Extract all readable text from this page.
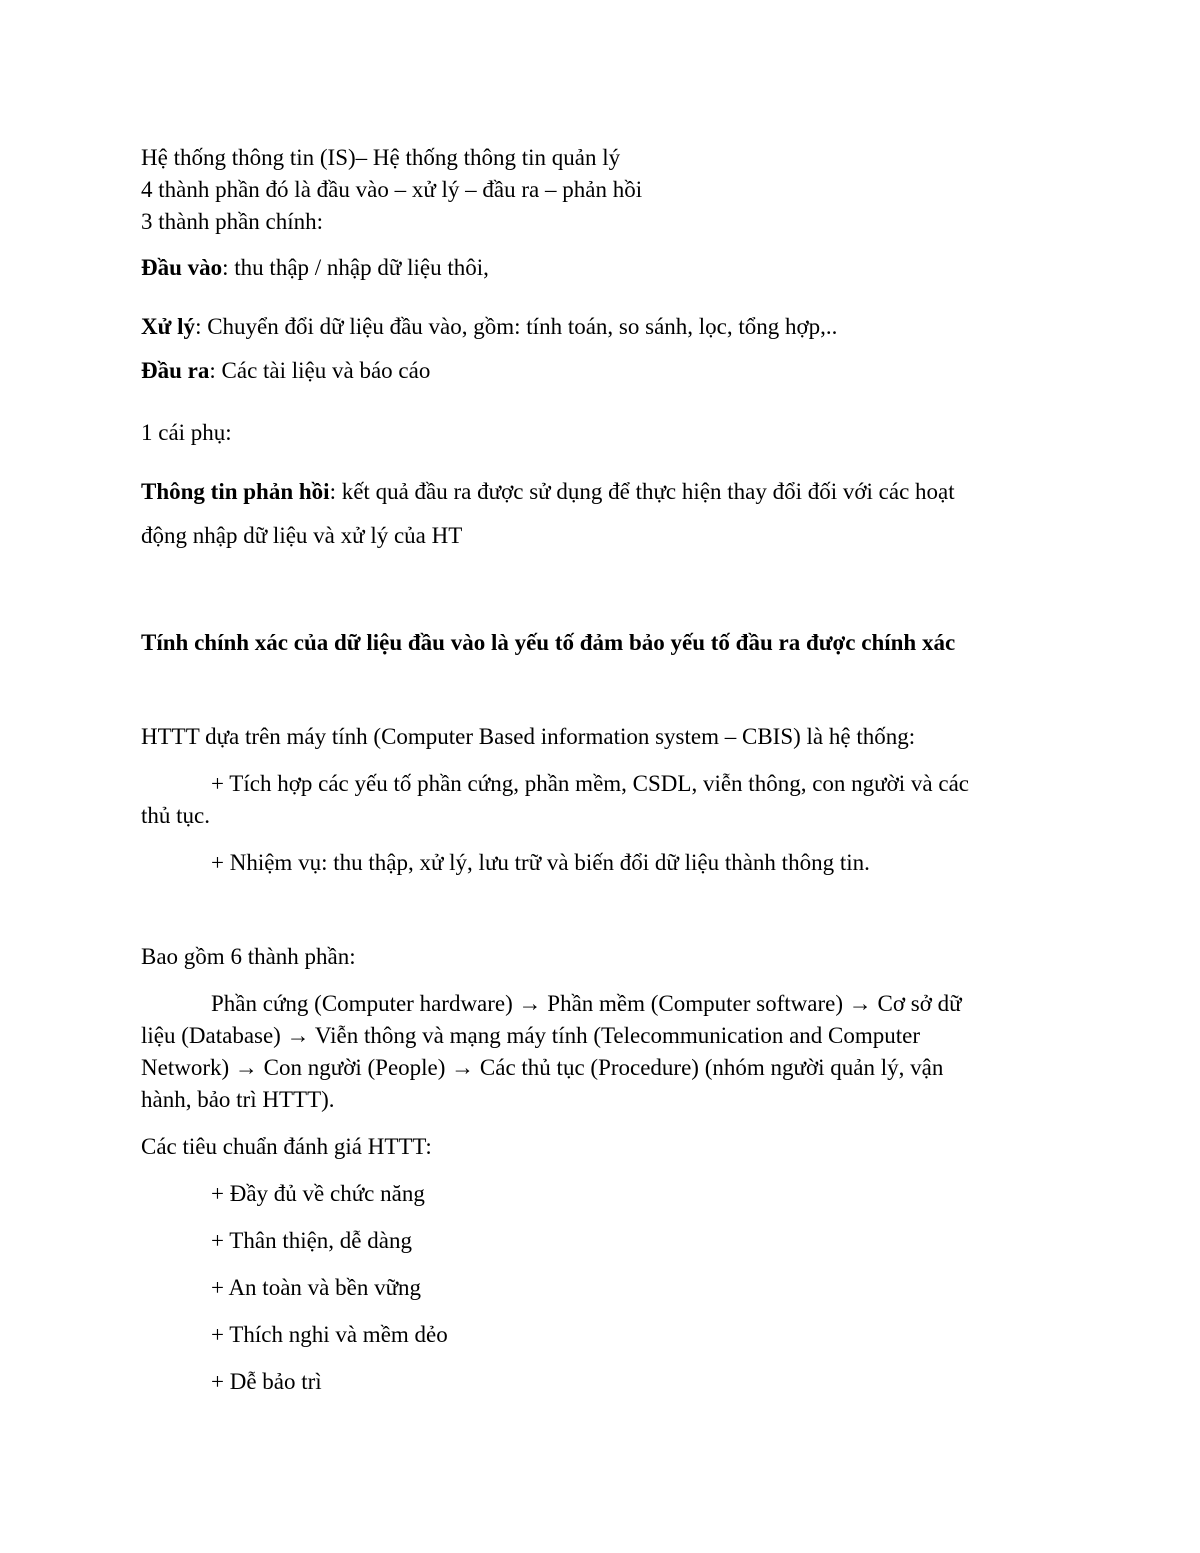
Hệ thống thông tin (IS)– Hệ thống thông tin quản lý
4 thành phần đó là đầu vào – xử lý – đầu ra – phản hồi
3 thành phần chính:
Đầu vào: thu thập / nhập dữ liệu thôi,
Xử lý: Chuyển đổi dữ liệu đầu vào, gồm: tính toán, so sánh, lọc, tổng hợp,..
Đầu ra: Các tài liệu và báo cáo
1 cái phụ:
Thông tin phản hồi: kết quả đầu ra được sử dụng để thực hiện thay đổi đối với các hoạt
động nhập dữ liệu và xử lý của HT
Tính chính xác của dữ liệu đầu vào là yếu tố đảm bảo yếu tố đầu ra được chính xác
HTTT dựa trên máy tính (Computer Based information system – CBIS) là hệ thống:
+ Tích hợp các yếu tố phần cứng, phần mềm, CSDL, viễn thông, con người và các
thủ tục.
+ Nhiệm vụ: thu thập, xử lý, lưu trữ và biến đổi dữ liệu thành thông tin.
Bao gồm 6 thành phần:
Phần cứng (Computer hardware) → Phần mềm (Computer software) → Cơ sở dữ
liệu (Database) → Viễn thông và mạng máy tính (Telecommunication and Computer
Network) → Con người (People) → Các thủ tục (Procedure) (nhóm người quản lý, vận
hành, bảo trì HTTT).
Các tiêu chuẩn đánh giá HTTT:
+ Đầy đủ về chức năng
+ Thân thiện, dễ dàng
+ An toàn và bền vững
+ Thích nghi và mềm dẻo
+ Dễ bảo trì
